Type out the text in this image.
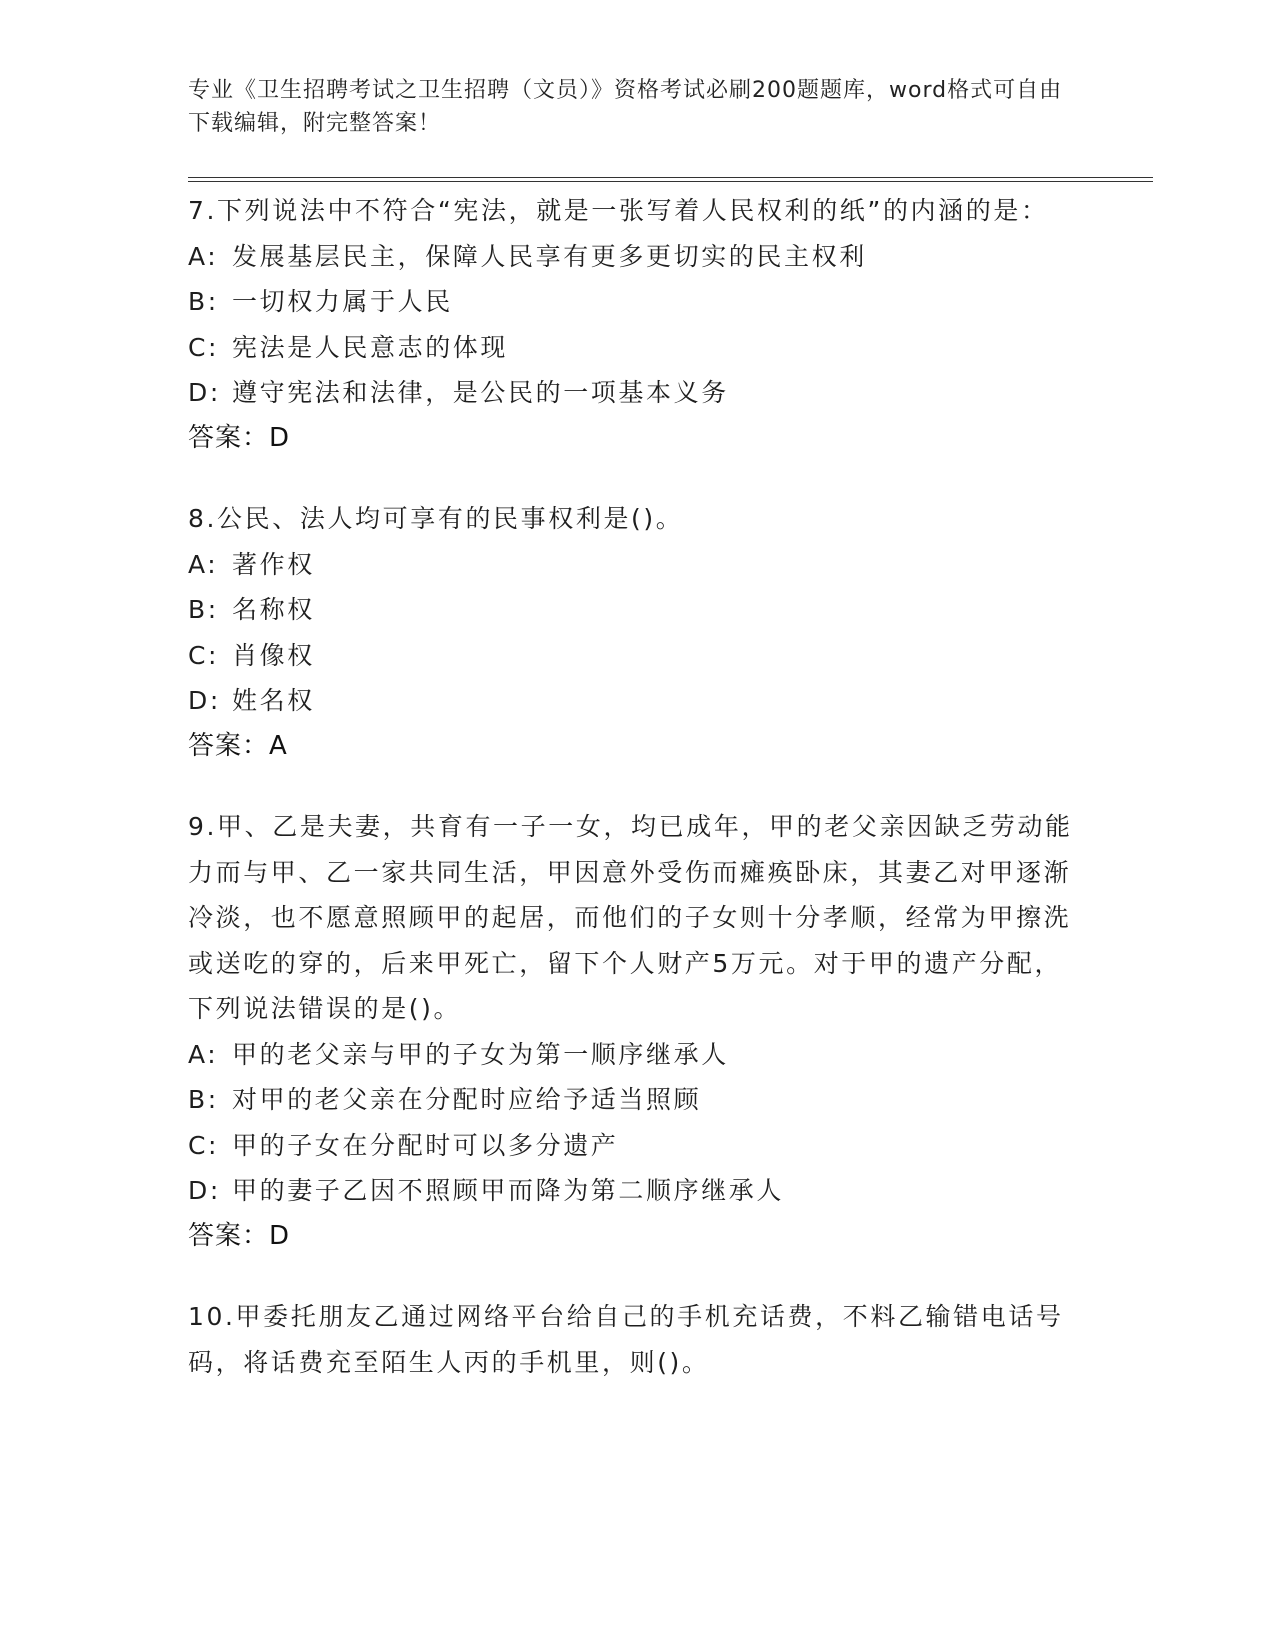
专业《卫生招聘考试之卫生招聘（文员）》资格考试必刷200题题库，word格式可自由下载编辑，附完整答案！
7.下列说法中不符合“宪法，就是一张写着人民权利的纸”的内涵的是：
A: 发展基层民主，保障人民享有更多更切实的民主权利
B: 一切权力属于人民
C: 宪法是人民意志的体现
D: 遵守宪法和法律，是公民的一项基本义务
答案：D
8.公民、法人均可享有的民事权利是()。
A: 著作权
B: 名称权
C: 肖像权
D: 姓名权
答案：A
9.甲、乙是夫妻，共育有一子一女，均已成年，甲的老父亲因缺乏劳动能力而与甲、乙一家共同生活，甲因意外受伤而瘫痪卧床，其妻乙对甲逐渐冷淡，也不愿意照顾甲的起居，而他们的子女则十分孝顺，经常为甲擦洗或送吃的穿的，后来甲死亡，留下个人财产5万元。对于甲的遗产分配，下列说法错误的是()。
A: 甲的老父亲与甲的子女为第一顺序继承人
B: 对甲的老父亲在分配时应给予适当照顾
C: 甲的子女在分配时可以多分遗产
D: 甲的妻子乙因不照顾甲而降为第二顺序继承人
答案：D
10.甲委托朋友乙通过网络平台给自己的手机充话费，不料乙输错电话号码，将话费充至陌生人丙的手机里，则()。
